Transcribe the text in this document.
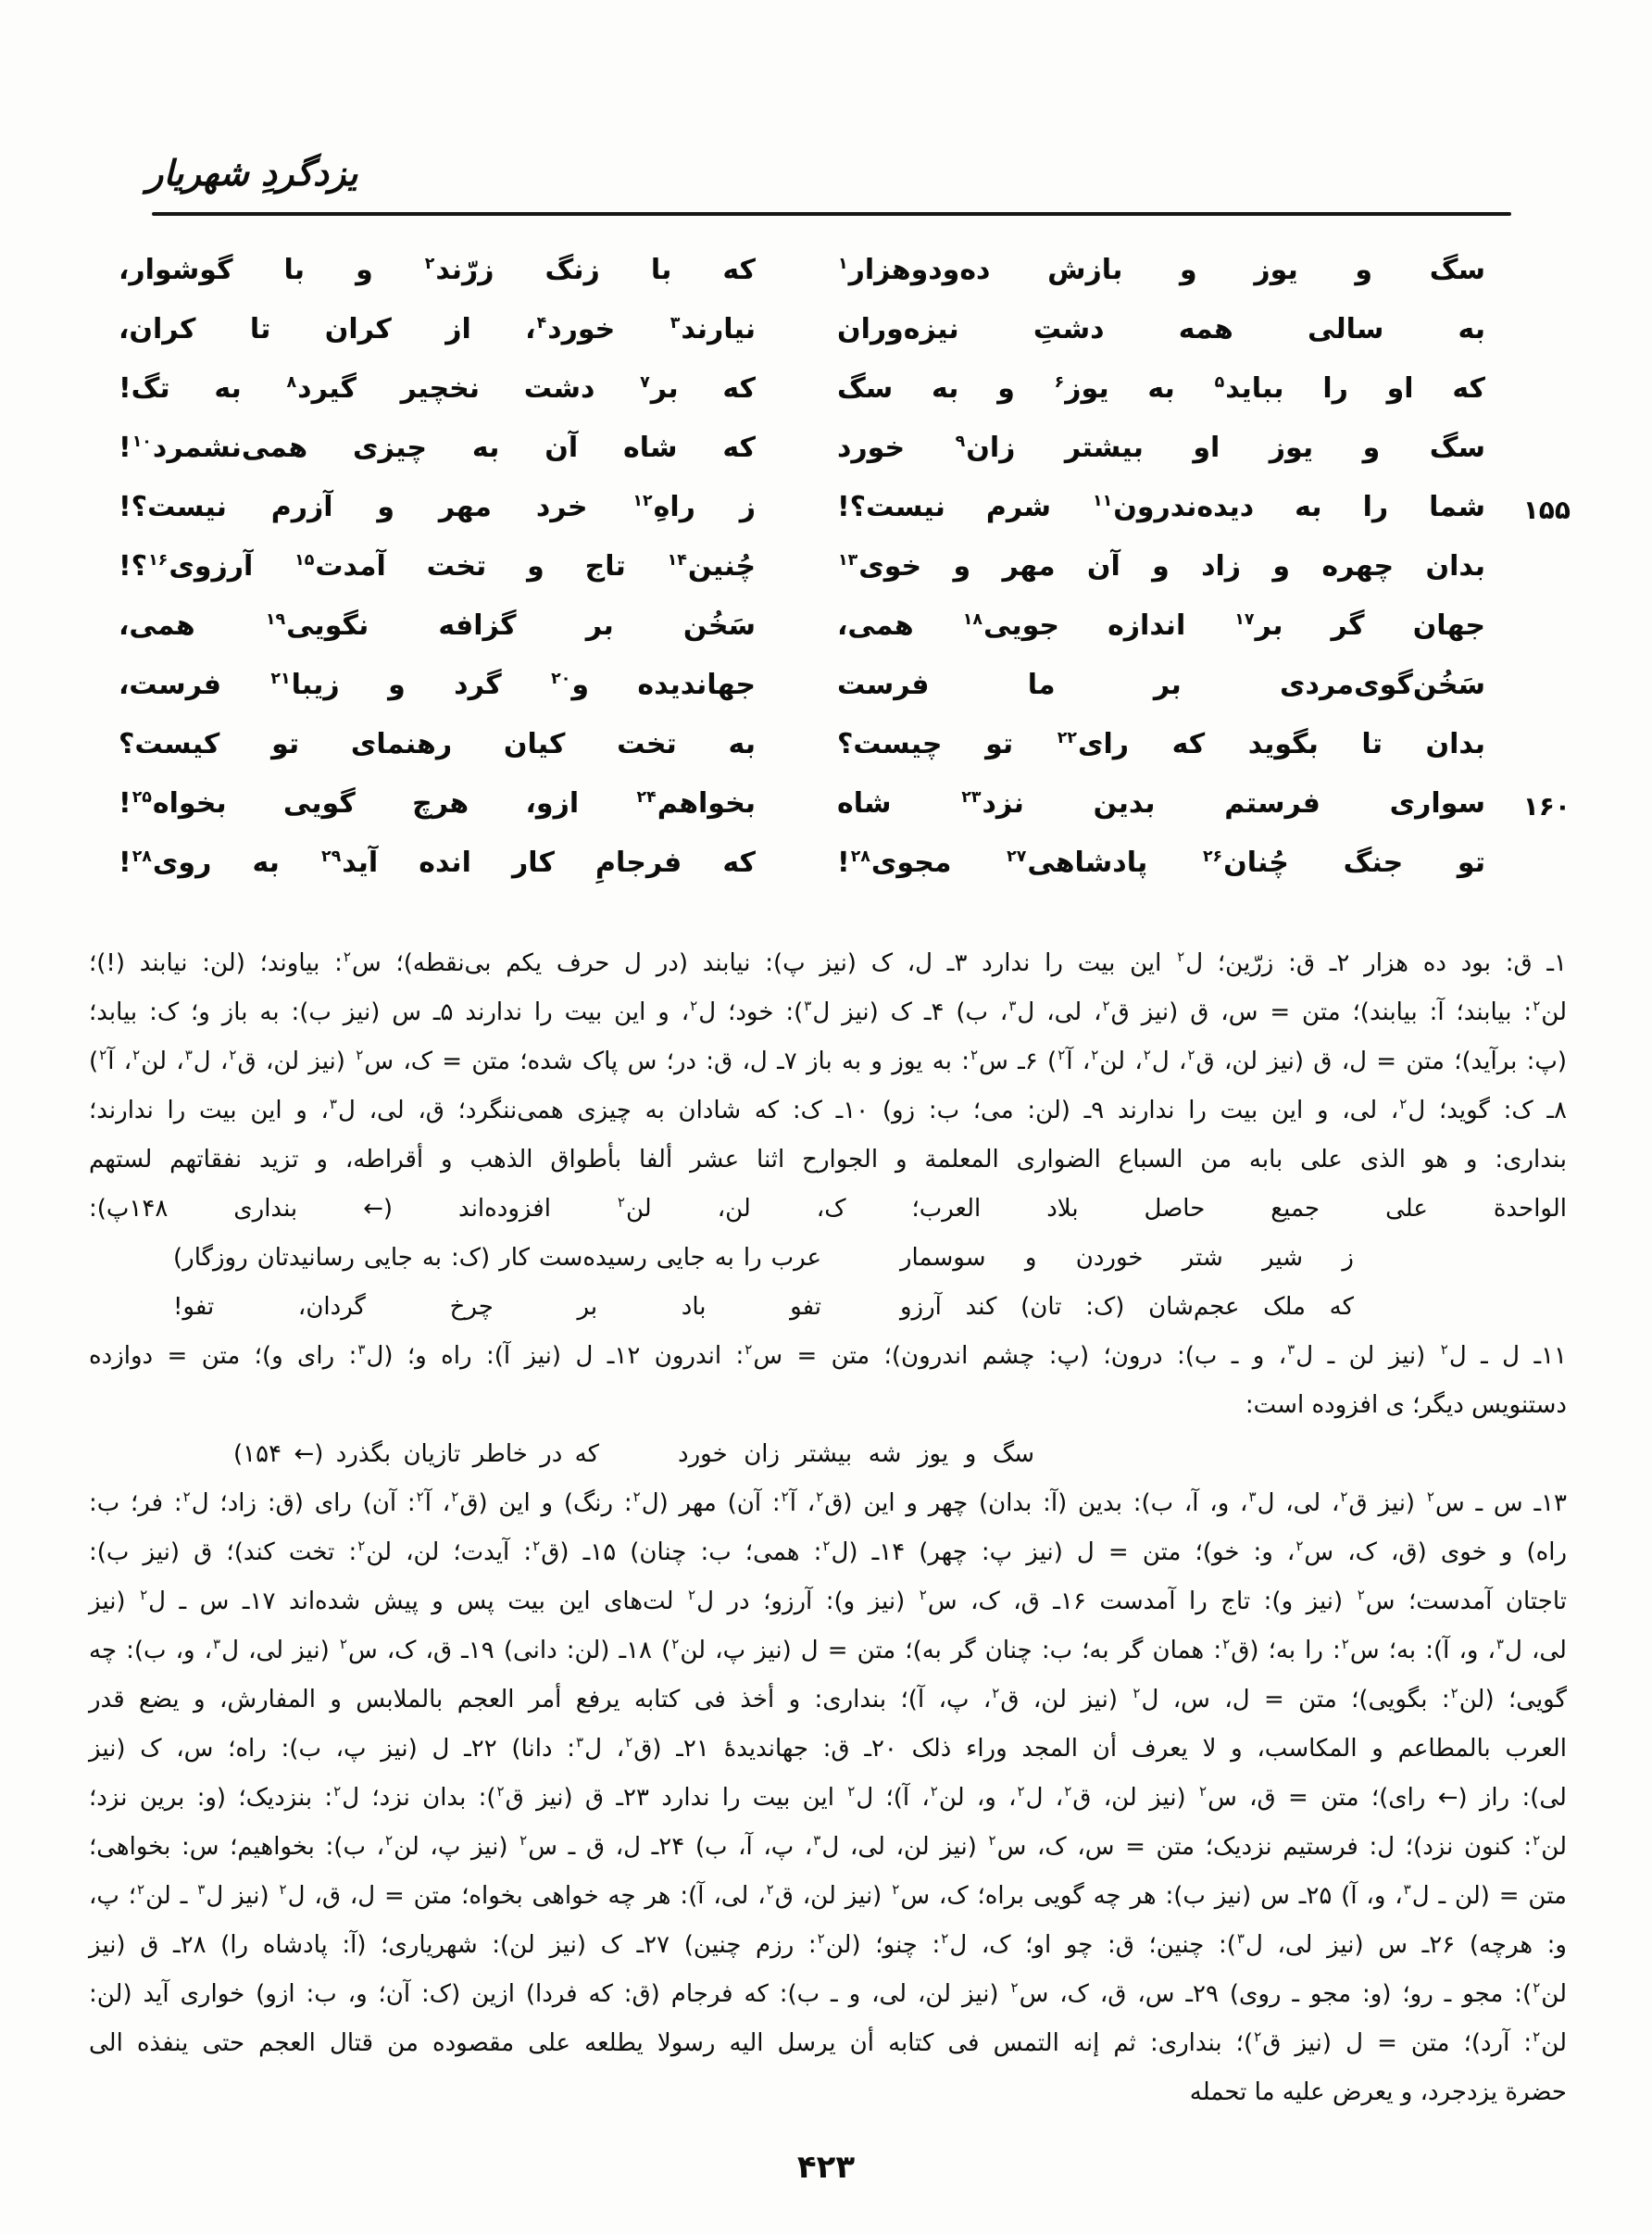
یزدگردِ شهریار
سگ و یوز و بازش ده‌ودوهزار$^۱$
که با زنگ زرّند$^۲$ و با گوشوار،
به سالی همه دشتِ نیزه‌وران
نیارند$^۳$ خورد$^۴$، از کران تا کران،
که او را بباید$^۵$ به یوز$^۶$ و به سگ
که بر$^۷$ دشت نخچیر گیرد$^۸$ به تگ!
سگ و یوز او بیشتر زان$^۹$ خورد
که شاه آن به چیزی همی‌نشمرد$^{۱۰}$!
۱۵۵
شما را به دیده‌ندرون$^{۱۱}$ شرم نیست؟!
ز راهِ$^{۱۲}$ خرد مهر و آزرم نیست؟!
بدان چهره و زاد و آن مهر و خوی$^{۱۳}$
چُنین$^{۱۴}$ تاج و تخت آمدت$^{۱۵}$ آرزوی$^{۱۶}$؟!
جهان گر بر$^{۱۷}$ اندازه جویی$^{۱۸}$ همی،
سَخُن بر گزافه نگویی$^{۱۹}$ همی،
سَخُن‌گوی‌مردی بر ما فرست
جهاندیده و$^{۲۰}$ گرد و زیبا$^{۲۱}$ فرست،
بدان تا بگوید که رای$^{۲۲}$ تو چیست؟
به تخت کیان رهنمای تو کیست؟
۱۶۰
سواری فرستم بدین نزد$^{۲۳}$ شاه
بخواهم$^{۲۴}$ ازو، هرچ گویی بخواه$^{۲۵}$!
تو جنگ چُنان$^{۲۶}$ پادشاهی$^{۲۷}$ مجوی$^{۲۸}$!
که فرجامِ کار انده آید$^{۲۹}$ به روی$^{۲۸}$!
۱ـ ق: بود ده هزار ۲ـ ق: زرّین؛ ل$^۲$ این بیت را ندارد ۳ـ ل، ک (نیز پ): نیابند (در ل حرف یکم بی‌نقطه)؛ س$^۲$: بیاوند؛ (لن: نیابند (!)؛
لن$^۲$: بیابند؛ آ: بیابند)؛ متن = س، ق (نیز ق$^۲$، لی، ل$^۳$، ب) ۴ـ ک (نیز ل$^۳$): خود؛ ل$^۲$، و این بیت را ندارند ۵ـ س (نیز ب): به باز و؛ ک: بیابد؛
(پ: برآید)؛ متن = ل، ق (نیز لن، ق$^۲$، ل$^۲$، لن$^۲$، آ$^۲$) ۶ـ س$^۲$: به یوز و به باز ۷ـ ل، ق: در؛ س پاک شده؛ متن = ک، س$^۲$ (نیز لن، ق$^۲$، ل$^۳$، لن$^۲$، آ$^۲$)
۸ـ ک: گوید؛ ل$^۲$، لی، و این بیت را ندارند ۹ـ (لن: می؛ ب: زو) ۱۰ـ ک: که شادان به چیزی همی‌ننگرد؛ ق، لی، ل$^۳$، و این بیت را ندارند؛
بنداری: و هو الذی علی بابه من السباع الضواری المعلمة و الجوارح اثنا عشر ألفا بأطواق الذهب و أقراطه، و تزید نفقاتهم لستهم
الواحدة علی جمیع حاصل بلاد العرب؛ ک، لن، لن$^۲$ افزوده‌اند (← بنداری ۱۴۸پ):
ز شیر شتر خوردن و سوسمار
عرب را به جایی رسیده‌ست کار (ک: به جایی رسانیدتان روزگار)
که ملک عجم‌شان (ک: تان) کند آرزو
تفو باد بر چرخ گردان، تفو!
۱۱ـ ل ـ ل$^۲$ (نیز لن ـ ل$^۳$، و ـ ب): درون؛ (پ: چشم اندرون)؛ متن = س$^۲$: اندرون ۱۲ـ ل (نیز آ): راه و؛ (ل$^۳$: رای و)؛ متن = دوازده
دستنویس دیگر؛ ی افزوده است:
سگ و یوز شه بیشتر زان خورد
که در خاطر تازیان بگذرد (← ۱۵۴)
۱۳ـ س ـ س$^۲$ (نیز ق$^۲$، لی، ل$^۳$، و، آ، ب): بدین (آ: بدان) چهر و این (ق$^۲$، آ$^۲$: آن) مهر (ل$^۲$: رنگ) و این (ق$^۲$، آ$^۲$: آن) رای (ق: زاد؛ ل$^۲$: فر؛ ب:
راه) و خوی (ق، ک، س$^۲$، و: خو)؛ متن = ل (نیز پ: چهر) ۱۴ـ (ل$^۲$: همی؛ ب: چنان) ۱۵ـ (ق$^۲$: آیدت؛ لن، لن$^۲$: تخت کند)؛ ق (نیز ب):
تاجتان آمدست؛ س$^۲$ (نیز و): تاج را آمدست ۱۶ـ ق، ک، س$^۲$ (نیز و): آرزو؛ در ل$^۲$ لت‌های این بیت پس و پیش شده‌اند ۱۷ـ س ـ ل$^۲$ (نیز
لی، ل$^۳$، و، آ): به؛ س$^۲$: را به؛ (ق$^۲$: همان گر به؛ ب: چنان گر به)؛ متن = ل (نیز پ، لن$^۲$) ۱۸ـ (لن: دانی) ۱۹ـ ق، ک، س$^۲$ (نیز لی، ل$^۳$، و، ب): چه
گویی؛ (لن$^۲$: بگویی)؛ متن = ل، س، ل$^۲$ (نیز لن، ق$^۲$، پ، آ)؛ بنداری: و أخذ فی کتابه یرفع أمر العجم بالملابس و المفارش، و یضع قدر
العرب بالمطاعم و المکاسب، و لا یعرف أن المجد وراء ذلک ۲۰ـ ق: جهاندیدهٔ ۲۱ـ (ق$^۲$، ل$^۳$: دانا) ۲۲ـ ل (نیز پ، ب): راه؛ س، ک (نیز
لی): راز (← رای)؛ متن = ق، س$^۲$ (نیز لن، ق$^۲$، ل$^۲$، و، لن$^۲$، آ)؛ ل$^۲$ این بیت را ندارد ۲۳ـ ق (نیز ق$^۲$): بدان نزد؛ ل$^۲$: بنزدیک؛ (و: برین نزد؛
لن$^۲$: کنون نزد)؛ ل: فرستیم نزدیک؛ متن = س، ک، س$^۲$ (نیز لن، لی، ل$^۳$، پ، آ، ب) ۲۴ـ ل، ق ـ س$^۲$ (نیز پ، لن$^۲$، ب): بخواهیم؛ س: بخواهی؛
متن = (لن ـ ل$^۳$، و، آ) ۲۵ـ س (نیز ب): هر چه گویی براه؛ ک، س$^۲$ (نیز لن، ق$^۲$، لی، آ): هر چه خواهی بخواه؛ متن = ل، ق، ل$^۲$ (نیز ل$^۳$ ـ لن$^۲$؛ پ،
و: هرچه) ۲۶ـ س (نیز لی، ل$^۳$): چنین؛ ق: چو او؛ ک، ل$^۲$: چنو؛ (لن$^۲$: رزم چنین) ۲۷ـ ک (نیز لن): شهریاری؛ (آ: پادشاه را) ۲۸ـ ق (نیز
لن$^۲$): مجو ـ رو؛ (و: مجو ـ روی) ۲۹ـ س، ق، ک، س$^۲$ (نیز لن، لی، و ـ ب): که فرجام (ق: که فردا) ازین (ک: آن؛ و، ب: ازو) خواری آید (لن:
لن$^۲$: آرد)؛ متن = ل (نیز ق$^۲$)؛ بنداری: ثم إنه التمس فی کتابه أن یرسل الیه رسولا یطلعه علی مقصوده من قتال العجم حتی ینفذه الی
حضرة یزدجرد، و یعرض علیه ما تحمله
۴۲۳
